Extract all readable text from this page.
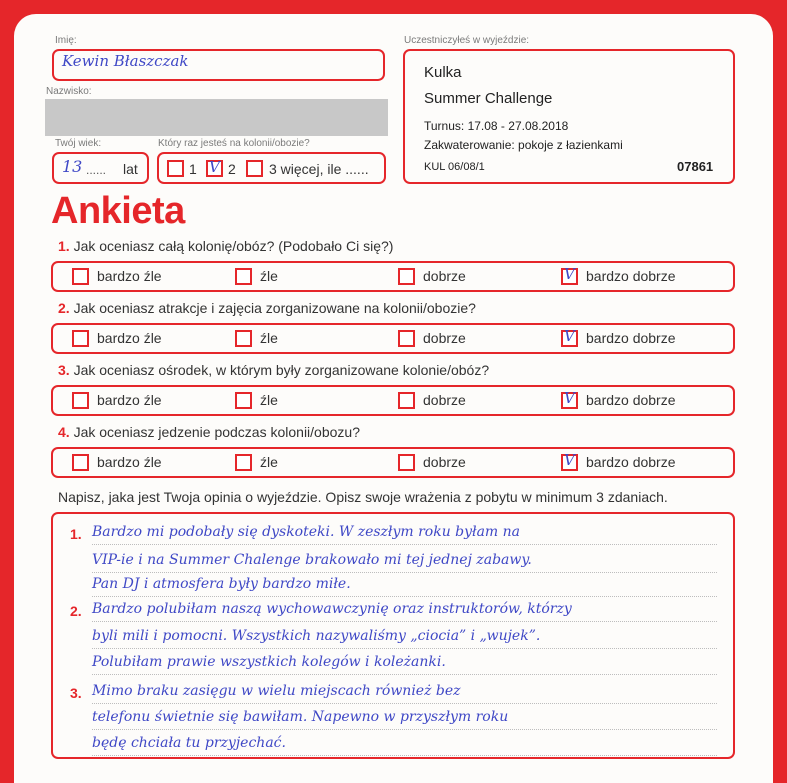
Imię:
Kewin Błaszczak
Nazwisko:
Twój wiek:
13 ...... lat
Który raz jesteś na kolonii/obozie?
1 V 2 3 więcej, ile ......
Uczestniczyłeś w wyjeździe:
Kulka
Summer Challenge
Turnus: 17.08 - 27.08.2018
Zakwaterowanie: pokoje z łazienkami
KUL 06/08/1	07861
Ankieta
1. Jak oceniasz całą kolonię/obóz? (Podobało Ci się?)
bardzo źle	źle	dobrze	V bardzo dobrze
2. Jak oceniasz atrakcje i zajęcia zorganizowane na kolonii/obozie?
bardzo źle	źle	dobrze	V bardzo dobrze
3. Jak oceniasz ośrodek, w którym były zorganizowane kolonie/obóz?
bardzo źle	źle	dobrze	V bardzo dobrze
4. Jak oceniasz jedzenie podczas kolonii/obozu?
bardzo źle	źle	dobrze	V bardzo dobrze
Napisz, jaka jest Twoja opinia o wyjeździe. Opisz swoje wrażenia z pobytu w minimum 3 zdaniach.
1. Bardzo mi podobały się dyskoteki. W zeszłym roku byłam na
VIP-ie i na Summer Chalenge brakowało mi tej jednej zabawy.
Pan DJ i atmosfera były bardzo miłe.
2. Bardzo polubiłam naszą wychowawczynię oraz instruktorów, którzy
byli mili i pomocni. Wszystkich nazywaliśmy „ciocia” i „wujek”.
Polubiłam prawie wszystkich kolegów i koleżanki.
3. Mimo braku zasięgu w wielu miejscach również bez
telefonu świetnie się bawiłam. Napewno w przyszłym roku
będę chciała tu przyjechać.
